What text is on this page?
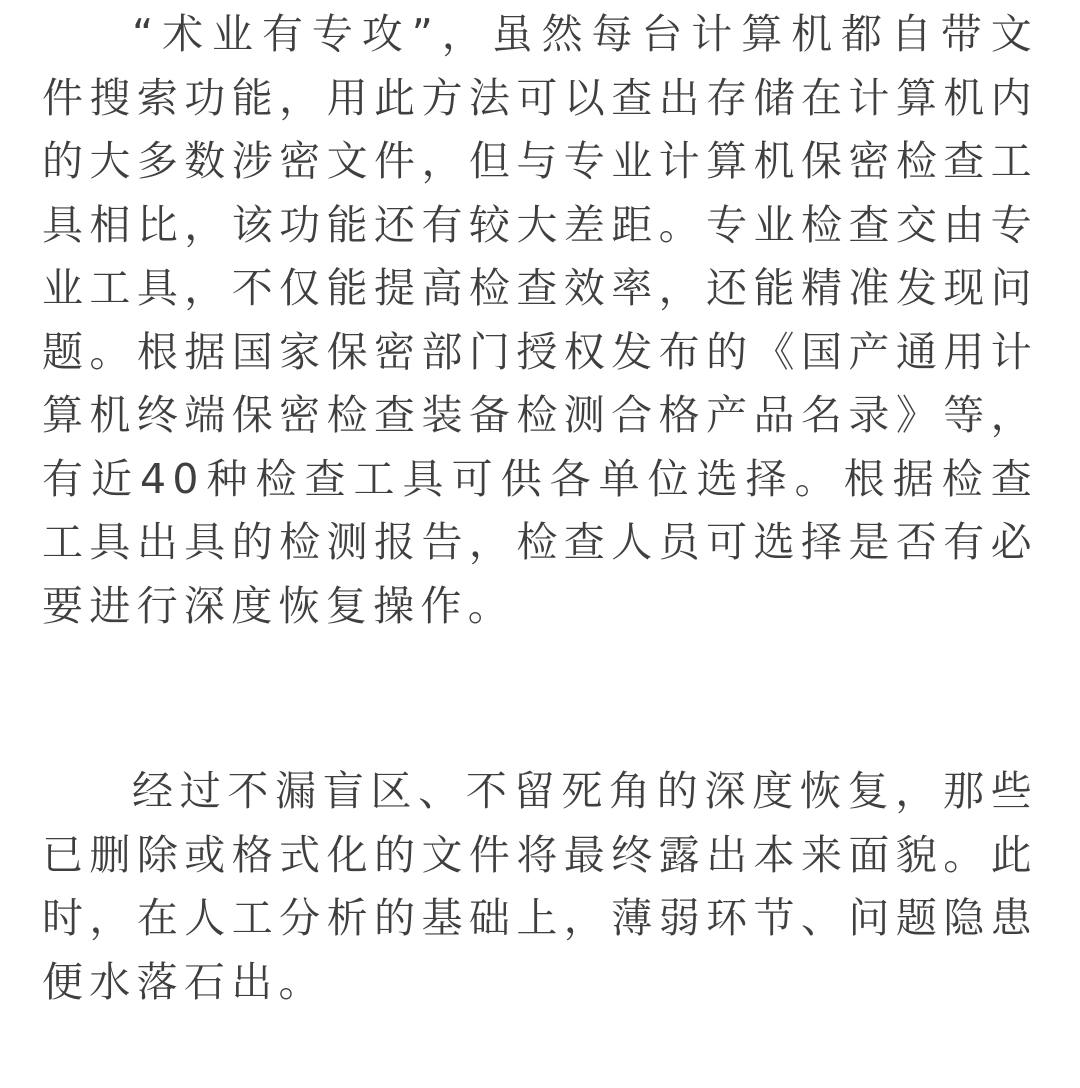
“术业有专攻”，虽然每台计算机都自带文件搜索功能，用此方法可以查出存储在计算机内的大多数涉密文件，但与专业计算机保密检查工具相比，该功能还有较大差距。专业检查交由专业工具，不仅能提高检查效率，还能精准发现问题。根据国家保密部门授权发布的《国产通用计算机终端保密检查装备检测合格产品名录》等，有近40种检查工具可供各单位选择。根据检查工具出具的检测报告，检查人员可选择是否有必要进行深度恢复操作。

经过不漏盲区、不留死角的深度恢复，那些已删除或格式化的文件将最终露出本来面貌。此时，在人工分析的基础上，薄弱环节、问题隐患便水落石出。
